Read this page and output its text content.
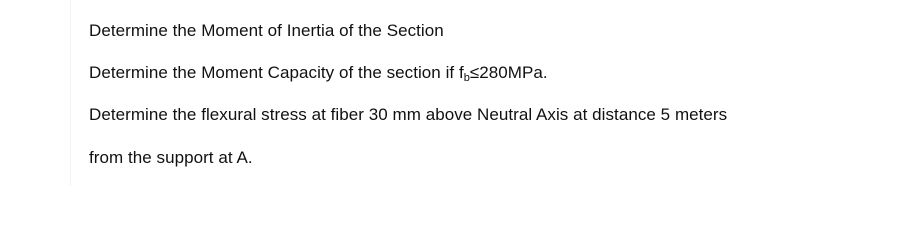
Determine the Moment of Inertia of the Section
Determine the Moment Capacity of the section if $f_b\le 280MPa$.
Determine the flexural stress at fiber 30 mm above Neutral Axis at distance 5 meters
from the support at A.
